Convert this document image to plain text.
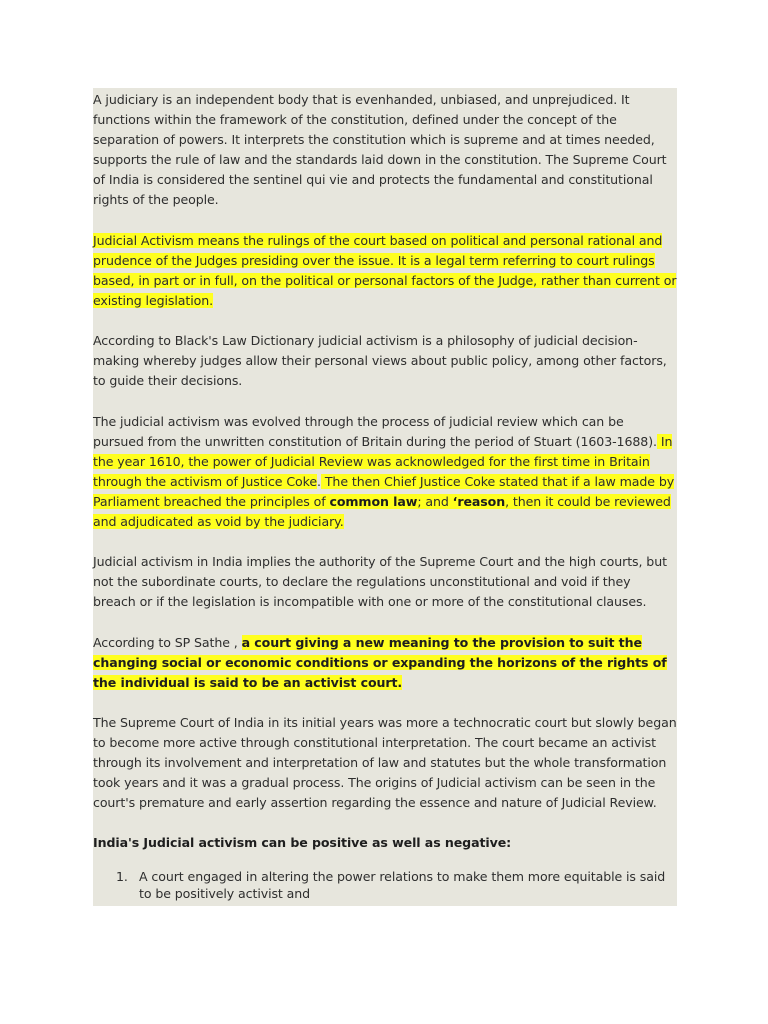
A judiciary is an independent body that is evenhanded, unbiased, and unprejudiced. It functions within the framework of the constitution, defined under the concept of the separation of powers. It interprets the constitution which is supreme and at times needed, supports the rule of law and the standards laid down in the constitution. The Supreme Court of India is considered the sentinel qui vie and protects the fundamental and constitutional rights of the people.

Judicial Activism means the rulings of the court based on political and personal rational and prudence of the Judges presiding over the issue. It is a legal term referring to court rulings based, in part or in full, on the political or personal factors of the Judge, rather than current or existing legislation.

According to Black's Law Dictionary judicial activism is a philosophy of judicial decision-making whereby judges allow their personal views about public policy, among other factors, to guide their decisions.

The judicial activism was evolved through the process of judicial review which can be pursued from the unwritten constitution of Britain during the period of Stuart (1603-1688). In the year 1610, the power of Judicial Review was acknowledged for the first time in Britain through the activism of Justice Coke. The then Chief Justice Coke stated that if a law made by Parliament breached the principles of common law; and ‘reason, then it could be reviewed and adjudicated as void by the judiciary.

Judicial activism in India implies the authority of the Supreme Court and the high courts, but not the subordinate courts, to declare the regulations unconstitutional and void if they breach or if the legislation is incompatible with one or more of the constitutional clauses.

According to SP Sathe , a court giving a new meaning to the provision to suit the changing social or economic conditions or expanding the horizons of the rights of the individual is said to be an activist court.

The Supreme Court of India in its initial years was more a technocratic court but slowly began to become more active through constitutional interpretation. The court became an activist through its involvement and interpretation of law and statutes but the whole transformation took years and it was a gradual process. The origins of Judicial activism can be seen in the court's premature and early assertion regarding the essence and nature of Judicial Review.

India's Judicial activism can be positive as well as negative:

1. A court engaged in altering the power relations to make them more equitable is said to be positively activist and
